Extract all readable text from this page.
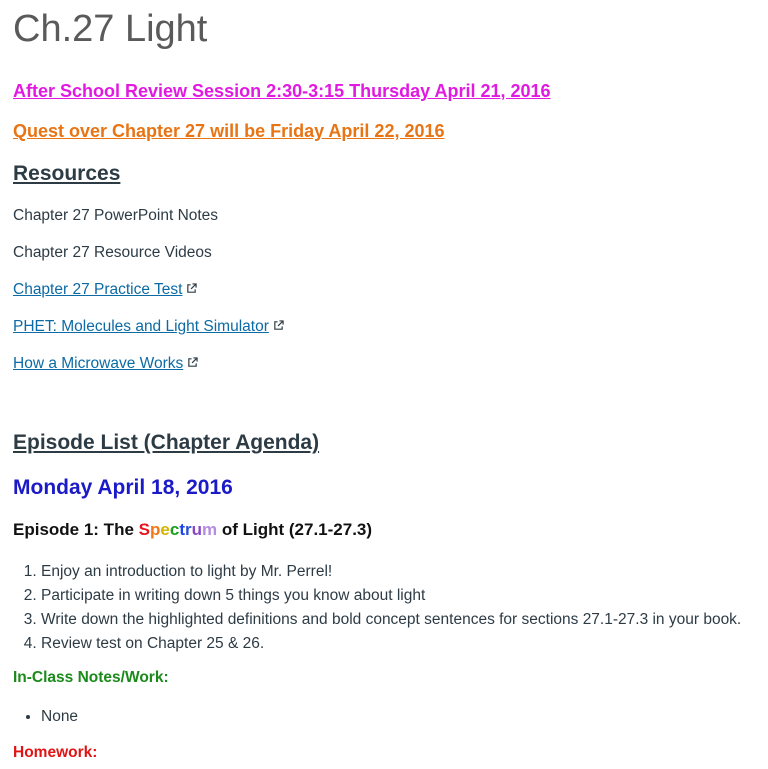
Ch.27 Light
After School Review Session 2:30-3:15 Thursday April 21, 2016
Quest over Chapter 27 will be Friday April 22, 2016
Resources
Chapter 27 PowerPoint Notes
Chapter 27 Resource Videos
Chapter 27 Practice Test
PHET: Molecules and Light Simulator
How a Microwave Works
Episode List (Chapter Agenda)
Monday April 18, 2016
Episode 1: The Spectrum of Light (27.1-27.3)
1. Enjoy an introduction to light by Mr. Perrel!
2. Participate in writing down 5 things you know about light
3. Write down the highlighted definitions and bold concept sentences for sections 27.1-27.3 in your book.
4. Review test on Chapter 25 & 26.
In-Class Notes/Work:
• None
Homework:
